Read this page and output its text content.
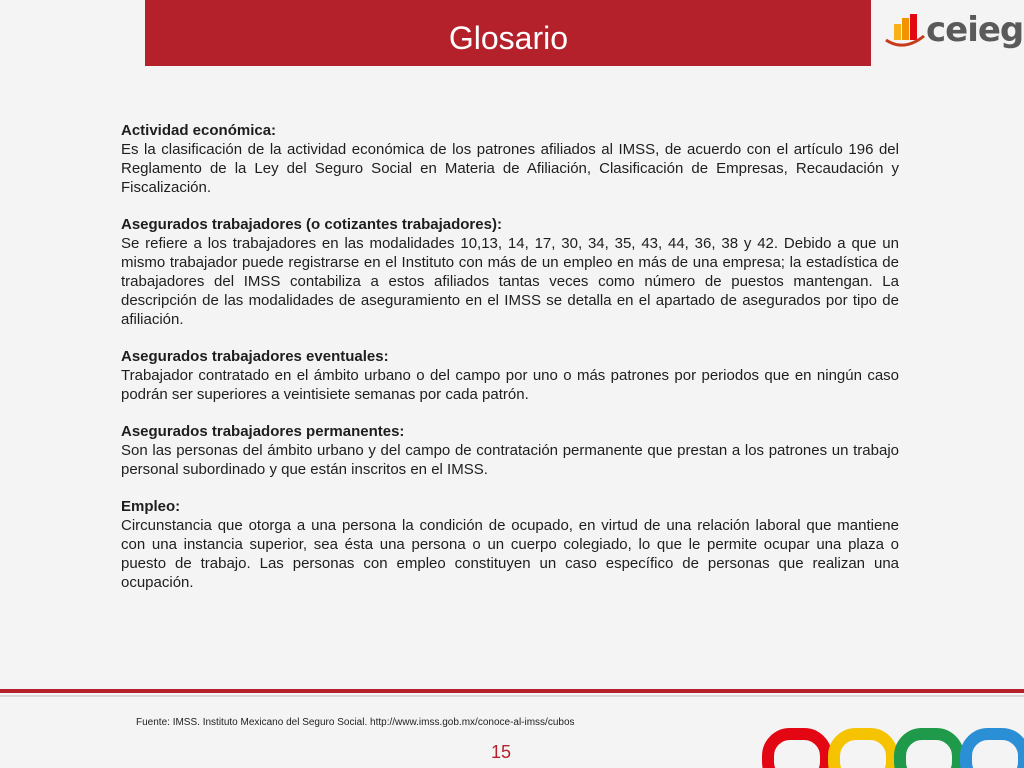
Glosario	ceieg

Actividad económica:

Es la clasificación de la actividad económica de los patrones afiliados al IMSS, de acuerdo con el artículo 196 del Reglamento de la Ley del Seguro Social en Materia de Afiliación, Clasificación de Empresas, Recaudación y Fiscalización.

Asegurados trabajadores (o cotizantes trabajadores):

Se refiere a los trabajadores en las modalidades 10,13, 14, 17, 30, 34, 35, 43, 44, 36, 38 y 42. Debido a que un mismo trabajador puede registrarse en el Instituto con más de un empleo en más de una empresa; la estadística de trabajadores del IMSS contabiliza a estos afiliados tantas veces como número de puestos mantengan. La descripción de las modalidades de aseguramiento en el IMSS se detalla en el apartado de asegurados por tipo de afiliación.

Asegurados trabajadores eventuales:

Trabajador contratado en el ámbito urbano o del campo por uno o más patrones por periodos que en ningún caso podrán ser superiores a veintisiete semanas por cada patrón.

Asegurados trabajadores permanentes:

Son las personas del ámbito urbano y del campo de contratación permanente que prestan a los patrones un trabajo personal subordinado y que están inscritos en el IMSS.

Empleo:

Circunstancia que otorga a una persona la condición de ocupado, en virtud de una relación laboral que mantiene con una instancia superior, sea ésta una persona o un cuerpo colegiado, lo que le permite ocupar una plaza o puesto de trabajo. Las personas con empleo constituyen un caso específico de personas que realizan una ocupación.

Fuente: IMSS. Instituto Mexicano del Seguro Social. http://www.imss.gob.mx/conoce-al-imss/cubos
15
